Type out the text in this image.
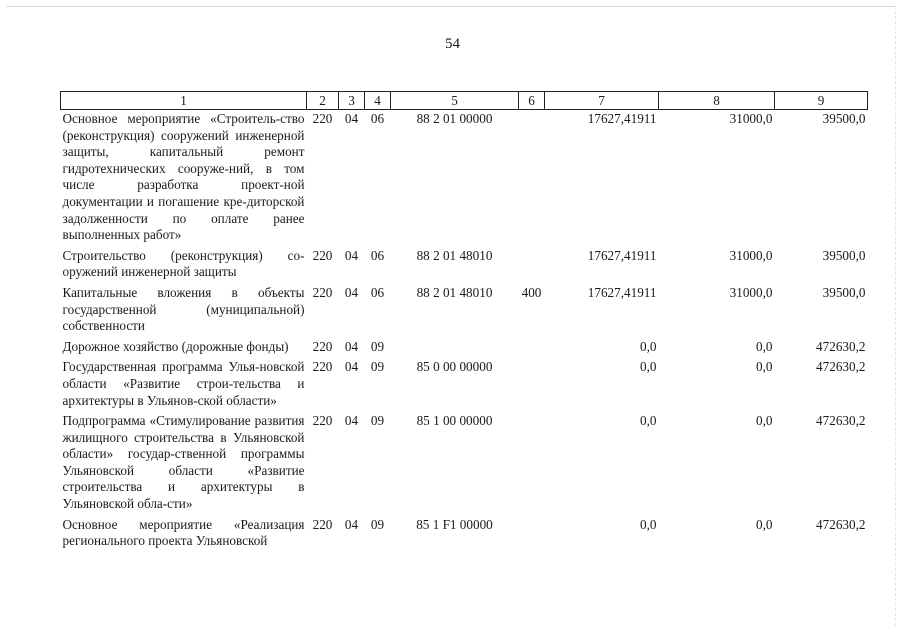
54
1	2	3	4	5	6	7	8	9
Основное мероприятие «Строитель-ство (реконструкция) сооружений инженерной защиты, капитальный ремонт гидротехнических сооруже-ний, в том числе разработка проект-ной документации и погашение кре-диторской задолженности по оплате ранее выполненных работ»	220	04	06	88 2 01 00000		17627,41911	31000,0	39500,0
Строительство (реконструкция) со-оружений инженерной защиты	220	04	06	88 2 01 48010		17627,41911	31000,0	39500,0
Капитальные вложения в объекты государственной (муниципальной) собственности	220	04	06	88 2 01 48010	400	17627,41911	31000,0	39500,0
Дорожное хозяйство (дорожные фонды)	220	04	09			0,0	0,0	472630,2
Государственная программа Улья-новской области «Развитие строи-тельства и архитектуры в Ульянов-ской области»	220	04	09	85 0 00 00000		0,0	0,0	472630,2
Подпрограмма «Стимулирование развития жилищного строительства в Ульяновской области» государ-ственной программы Ульяновской области «Развитие строительства и архитектуры в Ульяновской обла-сти»	220	04	09	85 1 00 00000		0,0	0,0	472630,2
Основное мероприятие «Реализация регионального проекта Ульяновской	220	04	09	85 1 F1 00000		0,0	0,0	472630,2
